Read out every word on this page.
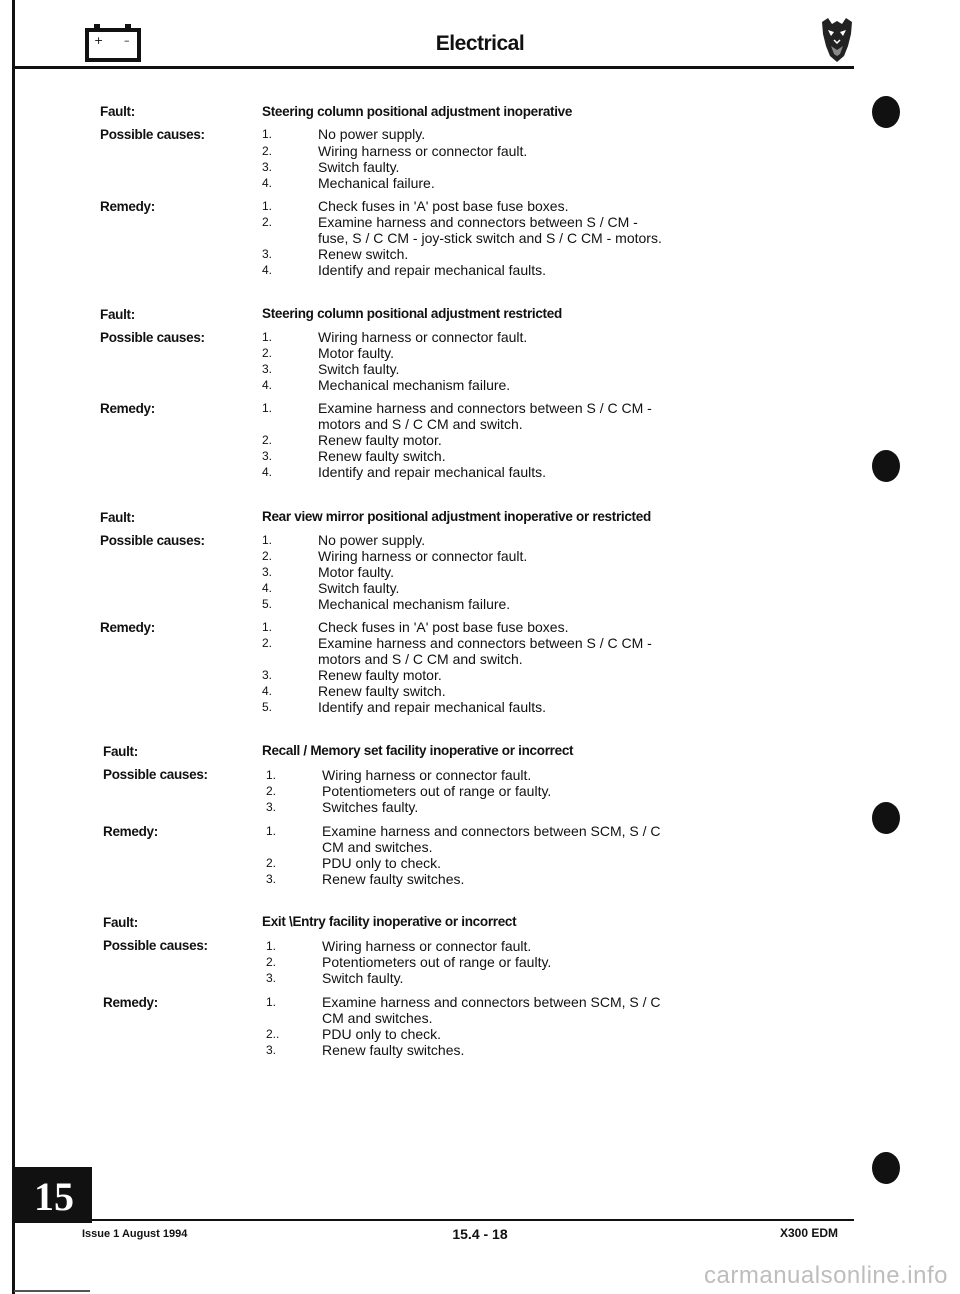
+ –	Electrical
Fault:	Steering column positional adjustment inoperative
Possible causes:	1.	No power supply.
2.	Wiring harness or connector fault.
3.	Switch faulty.
4.	Mechanical failure.
Remedy:	1.	Check fuses in 'A' post base fuse boxes.
2.	Examine harness and connectors between S / CM -
fuse, S / C CM - joy-stick switch and S / C CM - motors.
3.	Renew switch.
4.	Identify and repair mechanical faults.
Fault:	Steering column positional adjustment restricted
Possible causes:	1.	Wiring harness or connector fault.
2.	Motor faulty.
3.	Switch faulty.
4.	Mechanical mechanism failure.
Remedy:	1.	Examine harness and connectors between S / C CM -
motors and S / C CM and switch.
2.	Renew faulty motor.
3.	Renew faulty switch.
4.	Identify and repair mechanical faults.
Fault:	Rear view mirror positional adjustment inoperative or restricted
Possible causes:	1.	No power supply.
2.	Wiring harness or connector fault.
3.	Motor faulty.
4.	Switch faulty.
5.	Mechanical mechanism failure.
Remedy:	1.	Check fuses in 'A' post base fuse boxes.
2.	Examine harness and connectors between S / C CM -
motors and S / C CM and switch.
3.	Renew faulty motor.
4.	Renew faulty switch.
5.	Identify and repair mechanical faults.
Fault:	Recall / Memory set facility inoperative or incorrect
Possible causes:	1.	Wiring harness or connector fault.
2.	Potentiometers out of range or faulty.
3.	Switches faulty.
Remedy:	1.	Examine harness and connectors between SCM, S / C
CM and switches.
2.	PDU only to check.
3.	Renew faulty switches.
Fault:	Exit \Entry facility inoperative or incorrect
Possible causes:	1.	Wiring harness or connector fault.
2.	Potentiometers out of range or faulty.
3.	Switch faulty.
Remedy:	1.	Examine harness and connectors between SCM, S / C
CM and switches.
2..	PDU only to check.
3.	Renew faulty switches.
15
Issue 1 August 1994	15.4 - 18	X300 EDM
carmanualsonline.info
